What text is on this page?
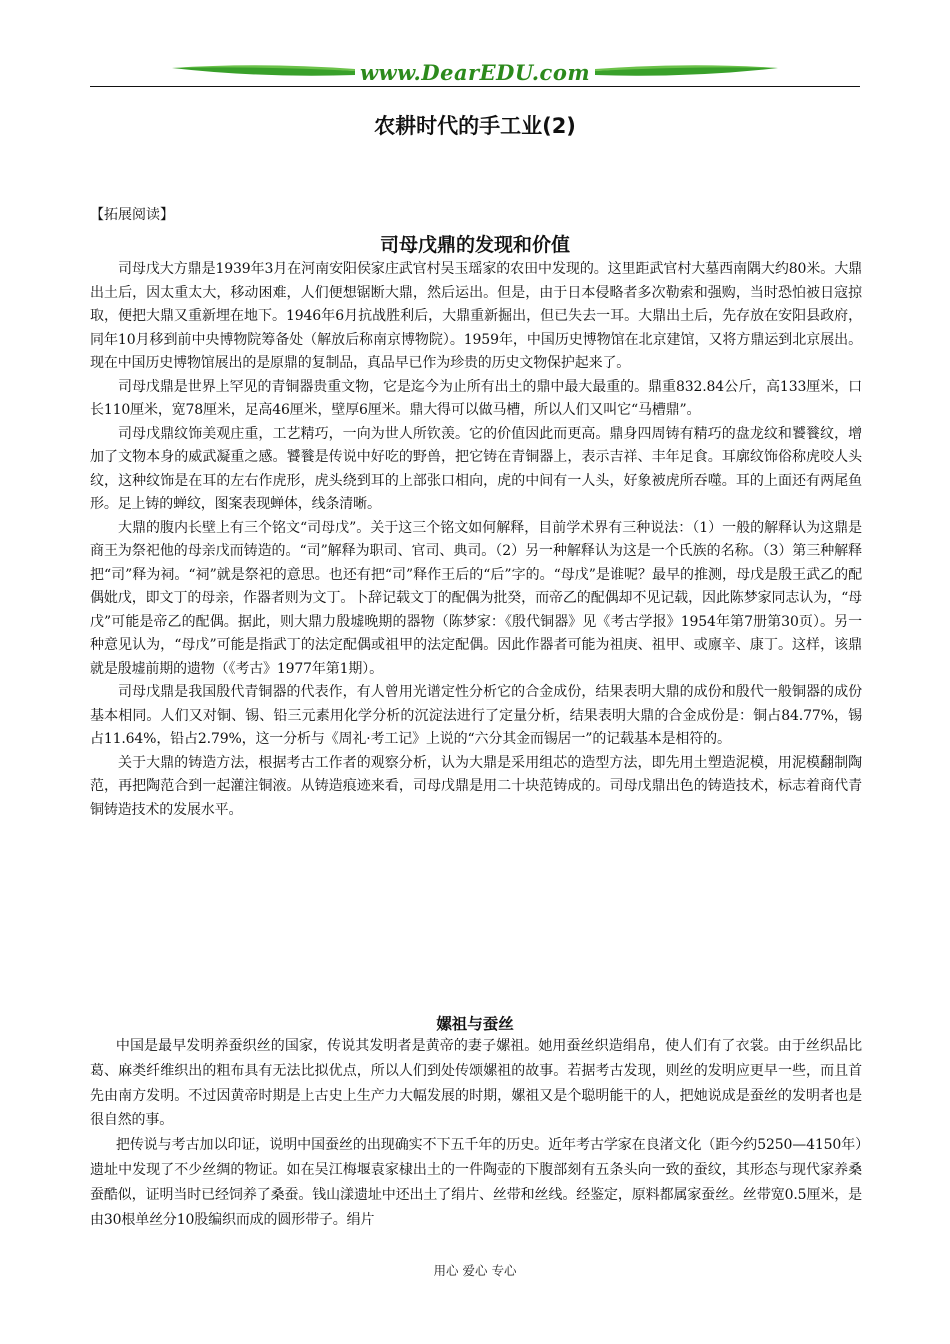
www.DearEDU.com
农耕时代的手工业(2)
【拓展阅读】
司母戊鼎的发现和价值

司母戊大方鼎是1939年3月在河南安阳侯家庄武官村吴玉瑶家的农田中发现的。这里距武官村大墓西南隅大约80米。大鼎出土后，因太重太大，移动困难，人们便想锯断大鼎，然后运出。但是，由于日本侵略者多次勒索和强购，当时恐怕被日寇掠取，便把大鼎又重新埋在地下。1946年6月抗战胜利后，大鼎重新掘出，但已失去一耳。大鼎出土后，先存放在安阳县政府，同年10月移到前中央博物院筹备处（解放后称南京博物院）。1959年，中国历史博物馆在北京建馆，又将方鼎运到北京展出。现在中国历史博物馆展出的是原鼎的复制品，真品早已作为珍贵的历史文物保护起来了。

司母戊鼎是世界上罕见的青铜器贵重文物，它是迄今为止所有出土的鼎中最大最重的。鼎重832.84公斤，高133厘米，口长110厘米，宽78厘米，足高46厘米，壁厚6厘米。鼎大得可以做马槽，所以人们又叫它“马槽鼎”。

司母戊鼎纹饰美观庄重，工艺精巧，一向为世人所钦羡。它的价值因此而更高。鼎身四周铸有精巧的盘龙纹和饕餮纹，增加了文物本身的威武凝重之感。饕餮是传说中好吃的野兽，把它铸在青铜器上，表示吉祥、丰年足食。耳廓纹饰俗称虎咬人头纹，这种纹饰是在耳的左右作虎形，虎头绕到耳的上部张口相向，虎的中间有一人头，好象被虎所吞噬。耳的上面还有两尾鱼形。足上铸的蝉纹，图案表现蝉体，线条清晰。

大鼎的腹内长壁上有三个铭文“司母戊”。关于这三个铭文如何解释，目前学术界有三种说法：（1）一般的解释认为这鼎是商王为祭祀他的母亲戊而铸造的。“司”解释为职司、官司、典司。（2）另一种解释认为这是一个氏族的名称。（3）第三种解释把“司”释为祠。“祠”就是祭祀的意思。也还有把“司”释作王后的“后”字的。“母戊”是谁呢？最早的推测，母戊是殷王武乙的配偶妣戊，即文丁的母亲，作器者则为文丁。卜辞记载文丁的配偶为批癸，而帝乙的配偶却不见记载，因此陈梦家同志认为，“母戊”可能是帝乙的配偶。据此，则大鼎力殷墟晚期的器物（陈梦家：《殷代铜器》见《考古学报》1954年第7册第30页）。另一种意见认为，“母戊”可能是指武丁的法定配偶或祖甲的法定配偶。因此作器者可能为祖庚、祖甲、或廪辛、康丁。这样，该鼎就是殷墟前期的遗物（《考古》1977年第1期）。

司母戊鼎是我国殷代青铜器的代表作，有人曾用光谱定性分析它的合金成份，结果表明大鼎的成份和殷代一般铜器的成份基本相同。人们又对铜、锡、铅三元素用化学分析的沉淀法进行了定量分析，结果表明大鼎的合金成份是：铜占84.77%，锡占11.64%，铅占2.79%，这一分析与《周礼·考工记》上说的“六分其金而锡居一”的记载基本是相符的。

关于大鼎的铸造方法，根据考古工作者的观察分析，认为大鼎是采用组芯的造型方法，即先用土塑造泥模，用泥模翻制陶范，再把陶范合到一起灌注铜液。从铸造痕迹来看，司母戊鼎是用二十块范铸成的。司母戊鼎出色的铸造技术，标志着商代青铜铸造技术的发展水平。

嫘祖与蚕丝

中国是最早发明养蚕织丝的国家，传说其发明者是黄帝的妻子嫘祖。她用蚕丝织造绢帛，使人们有了衣裳。由于丝织品比葛、麻类纤维织出的粗布具有无法比拟优点，所以人们到处传颂嫘祖的故事。若据考古发现，则丝的发明应更早一些，而且首先由南方发明。不过因黄帝时期是上古史上生产力大幅发展的时期，嫘祖又是个聪明能干的人，把她说成是蚕丝的发明者也是很自然的事。

把传说与考古加以印证，说明中国蚕丝的出现确实不下五千年的历史。近年考古学家在良渚文化（距今约5250—4150年）遗址中发现了不少丝绸的物证。如在吴江梅堰袁家棣出土的一件陶壶的下腹部刻有五条头向一致的蚕纹，其形态与现代家养桑蚕酷似，证明当时已经饲养了桑蚕。钱山漾遗址中还出土了绢片、丝带和丝线。经鉴定，原料都属家蚕丝。丝带宽0.5厘米，是由30根单丝分10股编织而成的圆形带子。绢片

用心 爱心 专心
